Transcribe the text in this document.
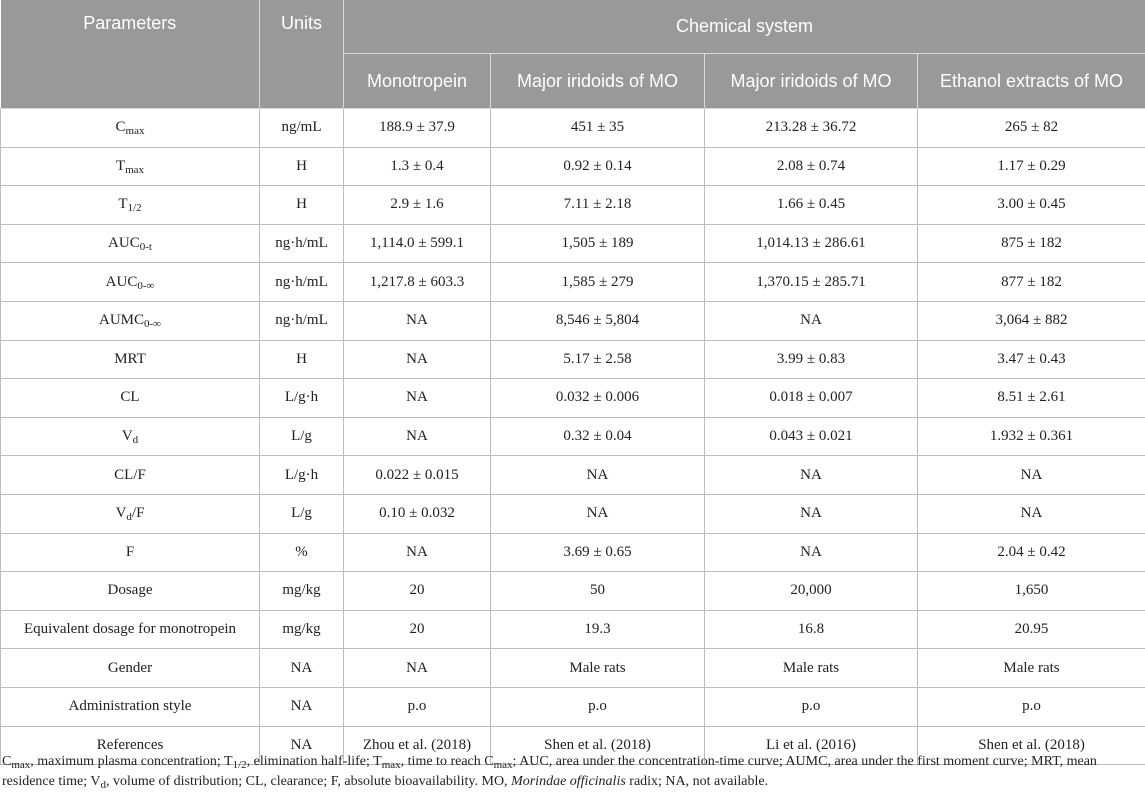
Parameters	Units	Chemical system			
		Monotropein	Major iridoids of MO	Major iridoids of MO	Ethanol extracts of MO
$C_{max}$	ng/mL	188.9 ± 37.9	451 ± 35	213.28 ± 36.72	265 ± 82
$T_{max}$	H	1.3 ± 0.4	0.92 ± 0.14	2.08 ± 0.74	1.17 ± 0.29
$T_{1/2}$	H	2.9 ± 1.6	7.11 ± 2.18	1.66 ± 0.45	3.00 ± 0.45
$AUC_{0-t}$	ng·h/mL	1,114.0 ± 599.1	1,505 ± 189	1,014.13 ± 286.61	875 ± 182
$AUC_{0-\infty}$	ng·h/mL	1,217.8 ± 603.3	1,585 ± 279	1,370.15 ± 285.71	877 ± 182
$AUMC_{0-\infty}$	ng·h/mL	NA	8,546 ± 5,804	NA	3,064 ± 882
MRT	H	NA	5.17 ± 2.58	3.99 ± 0.83	3.47 ± 0.43
CL	L/g·h	NA	0.032 ± 0.006	0.018 ± 0.007	8.51 ± 2.61
$V_d$	L/g	NA	0.32 ± 0.04	0.043 ± 0.021	1.932 ± 0.361
CL/F	L/g·h	0.022 ± 0.015	NA	NA	NA
$V_d/F$	L/g	0.10 ± 0.032	NA	NA	NA
F	%	NA	3.69 ± 0.65	NA	2.04 ± 0.42
Dosage	mg/kg	20	50	20,000	1,650
Equivalent dosage for monotropein	mg/kg	20	19.3	16.8	20.95
Gender	NA	NA	Male rats	Male rats	Male rats
Administration style	NA	p.o	p.o	p.o	p.o
References	NA	Zhou et al. (2018)	Shen et al. (2018)	Li et al. (2016)	Shen et al. (2018)
$C_{max}$, maximum plasma concentration; $T_{1/2}$, elimination half-life; $T_{max}$, time to reach $C_{max}$; AUC, area under the concentration-time curve; AUMC, area under the first moment curve; MRT, mean residence time; $V_d$, volume of distribution; CL, clearance; F, absolute bioavailability. MO, Morindae officinalis radix; NA, not available.
